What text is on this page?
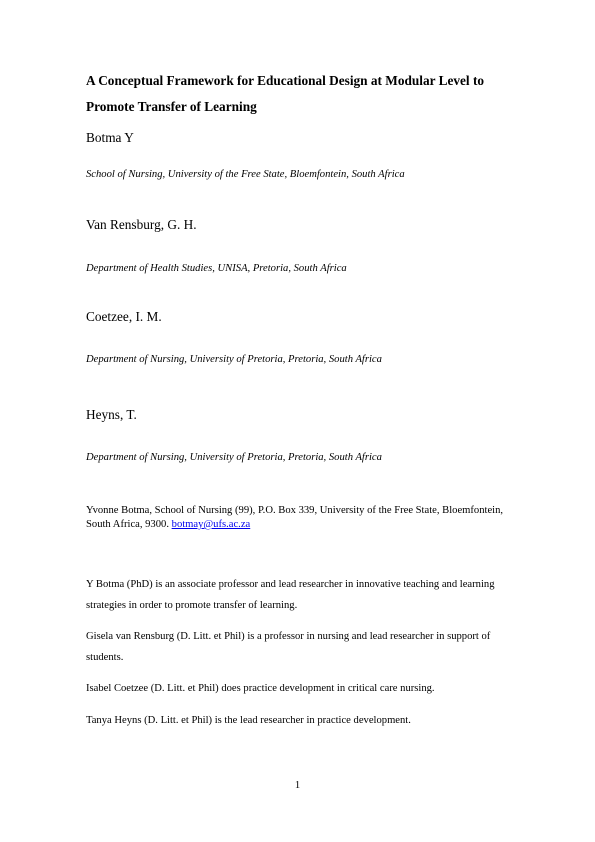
A Conceptual Framework for Educational Design at Modular Level to
Promote Transfer of Learning

Botma Y

School of Nursing, University of the Free State, Bloemfontein, South Africa

Van Rensburg, G. H.

Department of Health Studies, UNISA, Pretoria, South Africa

Coetzee, I. M.

Department of Nursing, University of Pretoria, Pretoria, South Africa

Heyns, T.

Department of Nursing, University of Pretoria, Pretoria, South Africa

Yvonne Botma, School of Nursing (99), P.O. Box 339, University of the Free State, Bloemfontein, South Africa, 9300. botmay@ufs.ac.za

Y Botma (PhD) is an associate professor and lead researcher in innovative teaching and learning strategies in order to promote transfer of learning.

Gisela van Rensburg (D. Litt. et Phil) is a professor in nursing and lead researcher in support of students.

Isabel Coetzee (D. Litt. et Phil) does practice development in critical care nursing.

Tanya Heyns (D. Litt. et Phil) is the lead researcher in practice development.

1
